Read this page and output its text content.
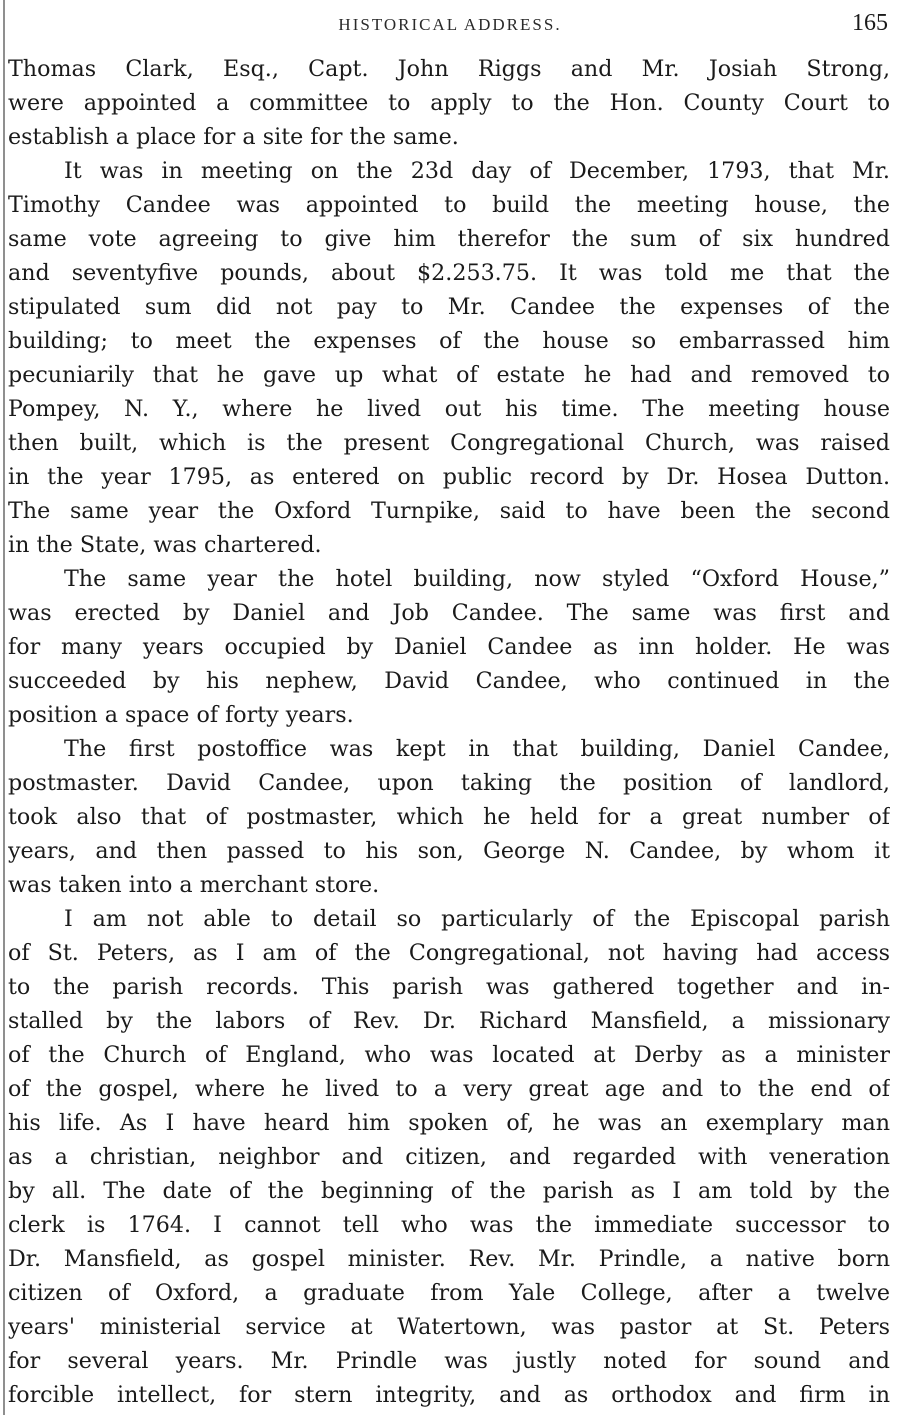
HISTORICAL ADDRESS.	165
Thomas Clark, Esq., Capt. John Riggs and Mr. Josiah Strong,
were appointed a committee to apply to the Hon. County Court to
establish a place for a site for the same.
It was in meeting on the 23d day of December, 1793, that Mr.
Timothy Candee was appointed to build the meeting house, the
same vote agreeing to give him therefor the sum of six hundred
and seventyfive pounds, about $2.253.75. It was told me that the
stipulated sum did not pay to Mr. Candee the expenses of the
building; to meet the expenses of the house so embarrassed him
pecuniarily that he gave up what of estate he had and removed to
Pompey, N. Y., where he lived out his time. The meeting house
then built, which is the present Congregational Church, was raised
in the year 1795, as entered on public record by Dr. Hosea Dutton.
The same year the Oxford Turnpike, said to have been the second
in the State, was chartered.
The same year the hotel building, now styled “Oxford House,”
was erected by Daniel and Job Candee. The same was first and
for many years occupied by Daniel Candee as inn holder. He was
succeeded by his nephew, David Candee, who continued in the
position a space of forty years.
The first postoffice was kept in that building, Daniel Candee,
postmaster. David Candee, upon taking the position of landlord,
took also that of postmaster, which he held for a great number of
years, and then passed to his son, George N. Candee, by whom it
was taken into a merchant store.
I am not able to detail so particularly of the Episcopal parish
of St. Peters, as I am of the Congregational, not having had access
to the parish records. This parish was gathered together and in-
stalled by the labors of Rev. Dr. Richard Mansfield, a missionary
of the Church of England, who was located at Derby as a minister
of the gospel, where he lived to a very great age and to the end of
his life. As I have heard him spoken of, he was an exemplary man
as a christian, neighbor and citizen, and regarded with veneration
by all. The date of the beginning of the parish as I am told by the
clerk is 1764. I cannot tell who was the immediate successor to
Dr. Mansfield, as gospel minister. Rev. Mr. Prindle, a native born
citizen of Oxford, a graduate from Yale College, after a twelve
years' ministerial service at Watertown, was pastor at St. Peters
for several years. Mr. Prindle was justly noted for sound and
forcible intellect, for stern integrity, and as orthodox and firm in
